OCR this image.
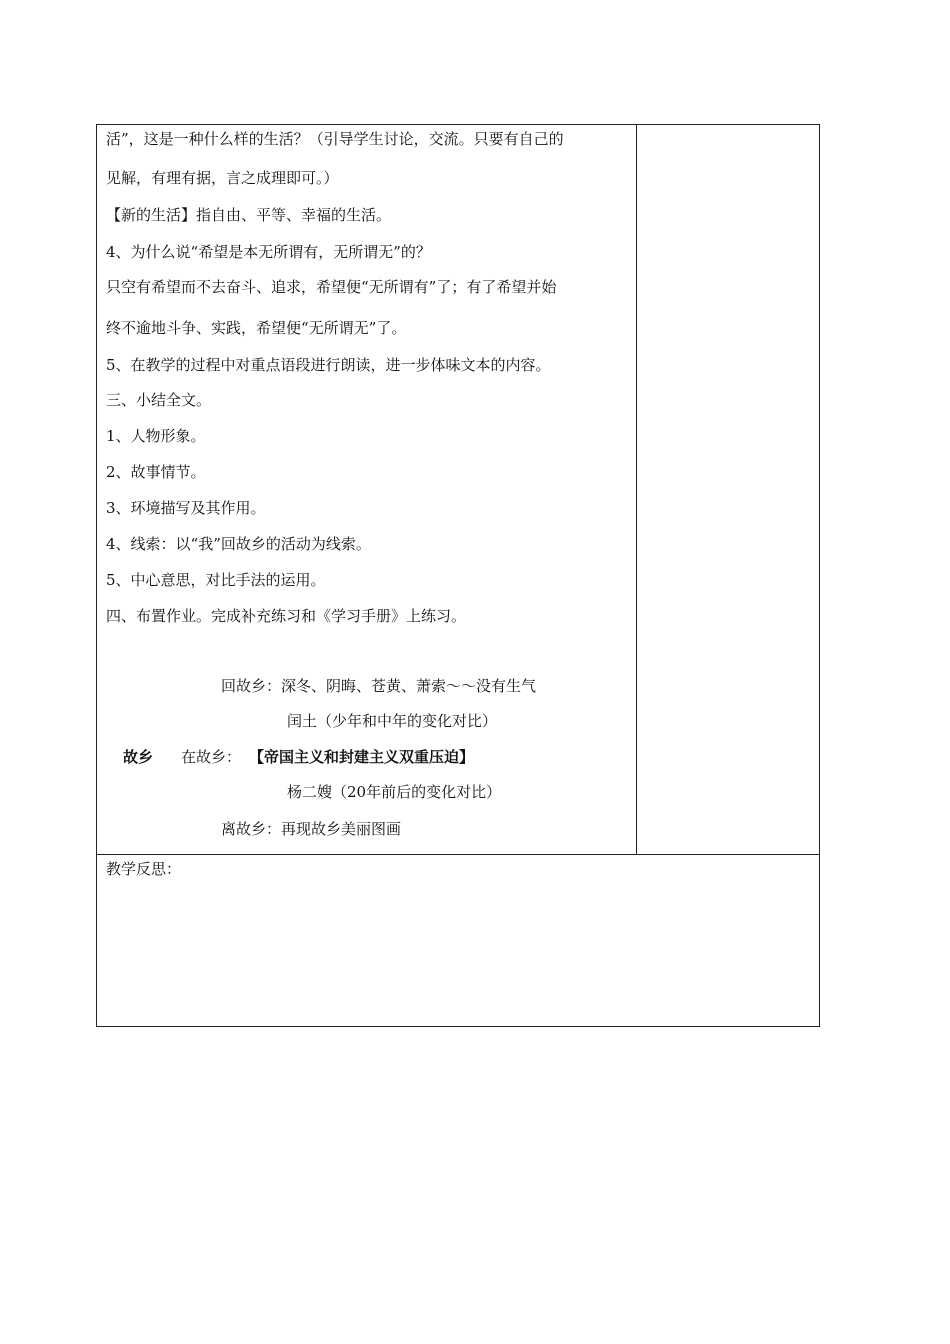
活”，这是一种什么样的生活？（引导学生讨论，交流。只要有自己的
见解，有理有据，言之成理即可。）
【新的生活】指自由、平等、幸福的生活。
4、为什么说“希望是本无所谓有，无所谓无”的？
只空有希望而不去奋斗、追求，希望便“无所谓有”了；有了希望并始
终不逾地斗争、实践，希望便“无所谓无”了。
5、在教学的过程中对重点语段进行朗读，进一步体味文本的内容。
三、小结全文。
1、人物形象。
2、故事情节。
3、环境描写及其作用。
4、线索：以“我”回故乡的活动为线索。
5、中心意思，对比手法的运用。
四、布置作业。完成补充练习和《学习手册》上练习。
回故乡：深冬、阴晦、苍黄、萧索～～没有生气
闰土（少年和中年的变化对比）
故乡 在故乡： 【帝国主义和封建主义双重压迫】
杨二嫂（20年前后的变化对比）
离故乡：再现故乡美丽图画
教学反思：
